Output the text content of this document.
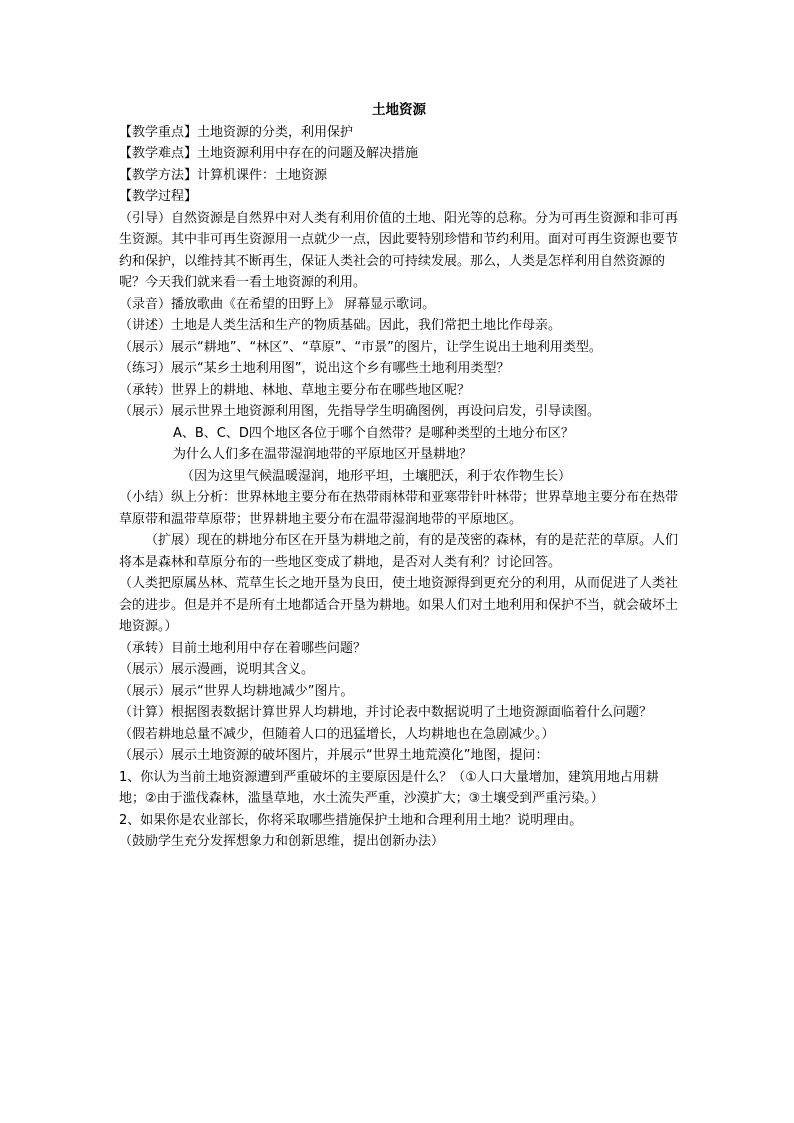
土地资源
【教学重点】土地资源的分类，利用保护
【教学难点】土地资源利用中存在的问题及解决措施
【教学方法】计算机课件：土地资源
【教学过程】
（引导）自然资源是自然界中对人类有利用价值的土地、阳光等的总称。分为可再生资源和非可再生资源。其中非可再生资源用一点就少一点，因此要特别珍惜和节约利用。面对可再生资源也要节约和保护，以维持其不断再生，保证人类社会的可持续发展。那么，人类是怎样利用自然资源的呢？今天我们就来看一看土地资源的利用。
（录音）播放歌曲《在希望的田野上》 屏幕显示歌词。
（讲述）土地是人类生活和生产的物质基础。因此，我们常把土地比作母亲。
（展示）展示“耕地”、“林区”、“草原”、“市景”的图片，让学生说出土地利用类型。
（练习）展示“某乡土地利用图”，说出这个乡有哪些土地利用类型？
（承转）世界上的耕地、林地、草地主要分布在哪些地区呢？
（展示）展示世界土地资源利用图，先指导学生明确图例，再设问启发，引导读图。
A、B、C、D四个地区各位于哪个自然带？是哪种类型的土地分布区？
为什么人们多在温带湿润地带的平原地区开垦耕地？
（因为这里气候温暖湿润，地形平坦，土壤肥沃，利于农作物生长）
（小结）纵上分析：世界林地主要分布在热带雨林带和亚寒带针叶林带；世界草地主要分布在热带草原带和温带草原带；世界耕地主要分布在温带湿润地带的平原地区。
（扩展）现在的耕地分布区在开垦为耕地之前，有的是茂密的森林，有的是茫茫的草原。人们将本是森林和草原分布的一些地区变成了耕地，是否对人类有利？讨论回答。
（人类把原属丛林、荒草生长之地开垦为良田，使土地资源得到更充分的利用，从而促进了人类社会的进步。但是并不是所有土地都适合开垦为耕地。如果人们对土地利用和保护不当，就会破坏土地资源。）
（承转）目前土地利用中存在着哪些问题？
（展示）展示漫画，说明其含义。
（展示）展示“世界人均耕地减少”图片。
（计算）根据图表数据计算世界人均耕地，并讨论表中数据说明了土地资源面临着什么问题？
（假若耕地总量不减少，但随着人口的迅猛增长，人均耕地也在急剧减少。）
（展示）展示土地资源的破坏图片，并展示“世界土地荒漠化”地图，提问：
1、你认为当前土地资源遭到严重破坏的主要原因是什么？（①人口大量增加，建筑用地占用耕地；②由于滥伐森林，滥垦草地，水土流失严重，沙漠扩大；③土壤受到严重污染。）
2、如果你是农业部长，你将采取哪些措施保护土地和合理利用土地？说明理由。
（鼓励学生充分发挥想象力和创新思维，提出创新办法）
